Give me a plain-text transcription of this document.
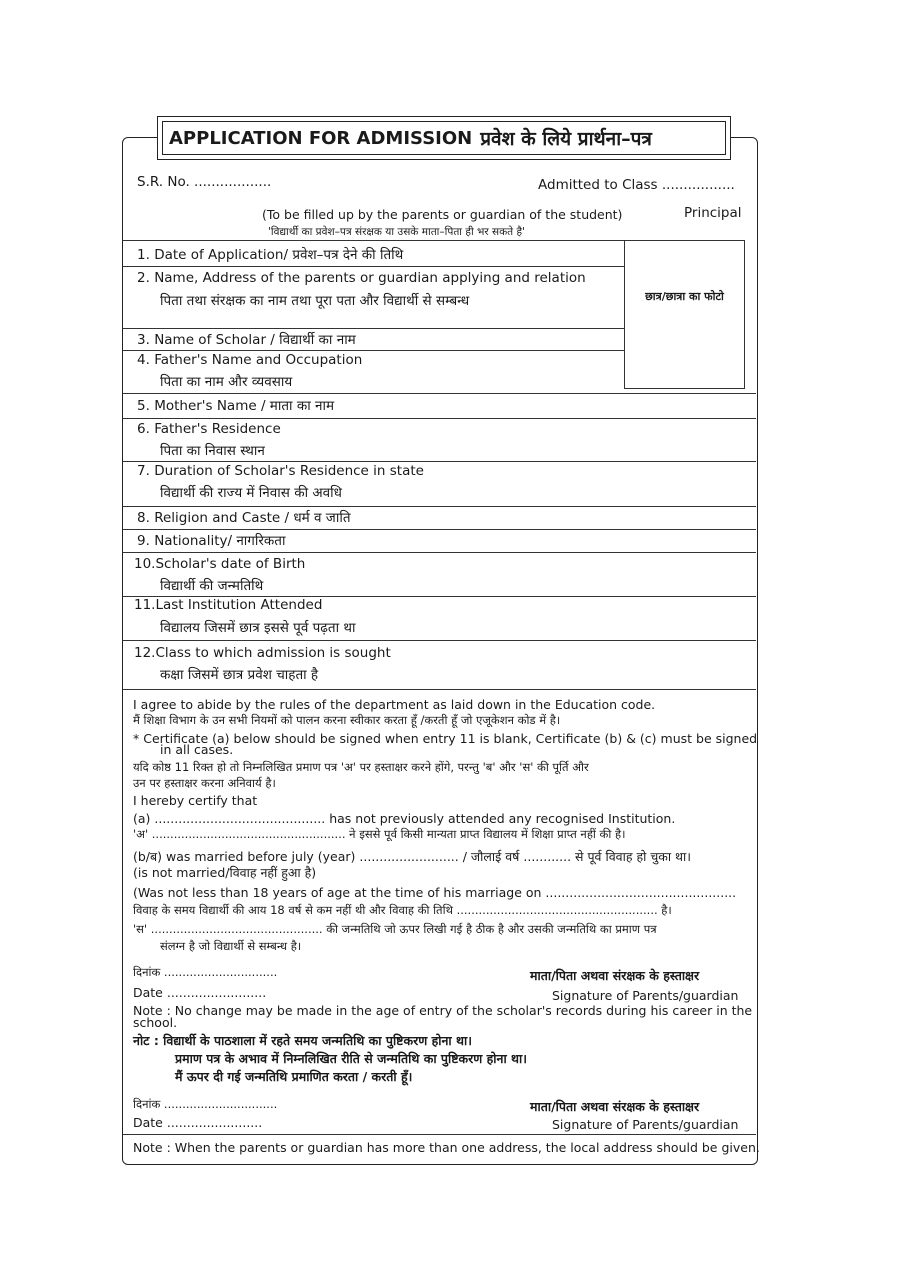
APPLICATION FOR ADMISSION प्रवेश के लिये प्रार्थना–पत्र
S.R. No. ..................	Admitted to Class .................
(To be filled up by the parents or guardian of the student)	Principal
'विद्यार्थी का प्रवेश–पत्र संरक्षक या उसके माता–पिता ही भर सकते है'
छात्र/छात्रा का फोटो
1. Date of Application/ प्रवेश–पत्र देने की तिथि
2. Name, Address of the parents or guardian applying and relation
पिता तथा संरक्षक का नाम तथा पूरा पता और विद्यार्थी से सम्बन्ध
3. Name of Scholar / विद्यार्थी का नाम
4. Father's Name and Occupation
पिता का नाम और व्यवसाय
5. Mother's Name / माता का नाम
6. Father's Residence
पिता का निवास स्थान
7. Duration of Scholar's Residence in state
विद्यार्थी की राज्य में निवास की अवधि
8. Religion and Caste / धर्म व जाति
9. Nationality/ नागरिकता
10.Scholar's date of Birth
विद्यार्थी की जन्मतिथि
11.Last Institution Attended
विद्यालय जिसमें छात्र इससे पूर्व पढ़ता था
12.Class to which admission is sought
कक्षा जिसमें छात्र प्रवेश चाहता है
I agree to abide by the rules of the department as laid down in the Education code.
मैं शिक्षा विभाग के उन सभी नियमों को पालन करना स्वीकार करता हूँ /करती हूँ जो एजूकेशन कोड में है।
* Certificate (a) below should be signed when entry 11 is blank, Certificate (b) & (c) must be signed
in all cases.
यदि कोष्ठ 11 रिक्त हो तो निम्नलिखित प्रमाण पत्र 'अ' पर हस्ताक्षर करने होंगे, परन्तु 'ब' और 'स' की पूर्ति और
उन पर हस्ताक्षर करना अनिवार्य है।
I hereby certify that
(a) ........................................... has not previously attended any recognised Institution.
'अ' ..................................................... ने इससे पूर्व किसी मान्यता प्राप्त विद्यालय में शिक्षा प्राप्त नहीं की है।
(b/ब) was married before july (year) ......................... / जौलाई वर्ष ............ से पूर्व विवाह हो चुका था।
(is not married/विवाह नहीं हुआ है)
(Was not less than 18 years of age at the time of his marriage on ................................................
विवाह के समय विद्यार्थी की आय 18 वर्ष से कम नहीं थी और विवाह की तिथि ....................................................... है।
'स' ............................................... की जन्मतिथि जो ऊपर लिखी गई है ठीक है और उसकी जन्मतिथि का प्रमाण पत्र
संलग्न है जो विद्यार्थी से सम्बन्ध है।
दिनांक ...............................	माता/पिता अथवा संरक्षक के हस्ताक्षर
Date .........................	Signature of Parents/guardian
Note : No change may be made in the age of entry of the scholar's records during his career in the
school.
नोट : विद्यार्थी के पाठशाला में रहते समय जन्मतिथि का पुष्टिकरण होना था।
प्रमाण पत्र के अभाव में निम्नलिखित रीति से जन्मतिथि का पुष्टिकरण होना था।
मैं ऊपर दी गई जन्मतिथि प्रमाणित करता / करती हूँ।
दिनांक ...............................	माता/पिता अथवा संरक्षक के हस्ताक्षर
Date ........................	Signature of Parents/guardian
Note : When the parents or guardian has more than one address, the local address should be given.
